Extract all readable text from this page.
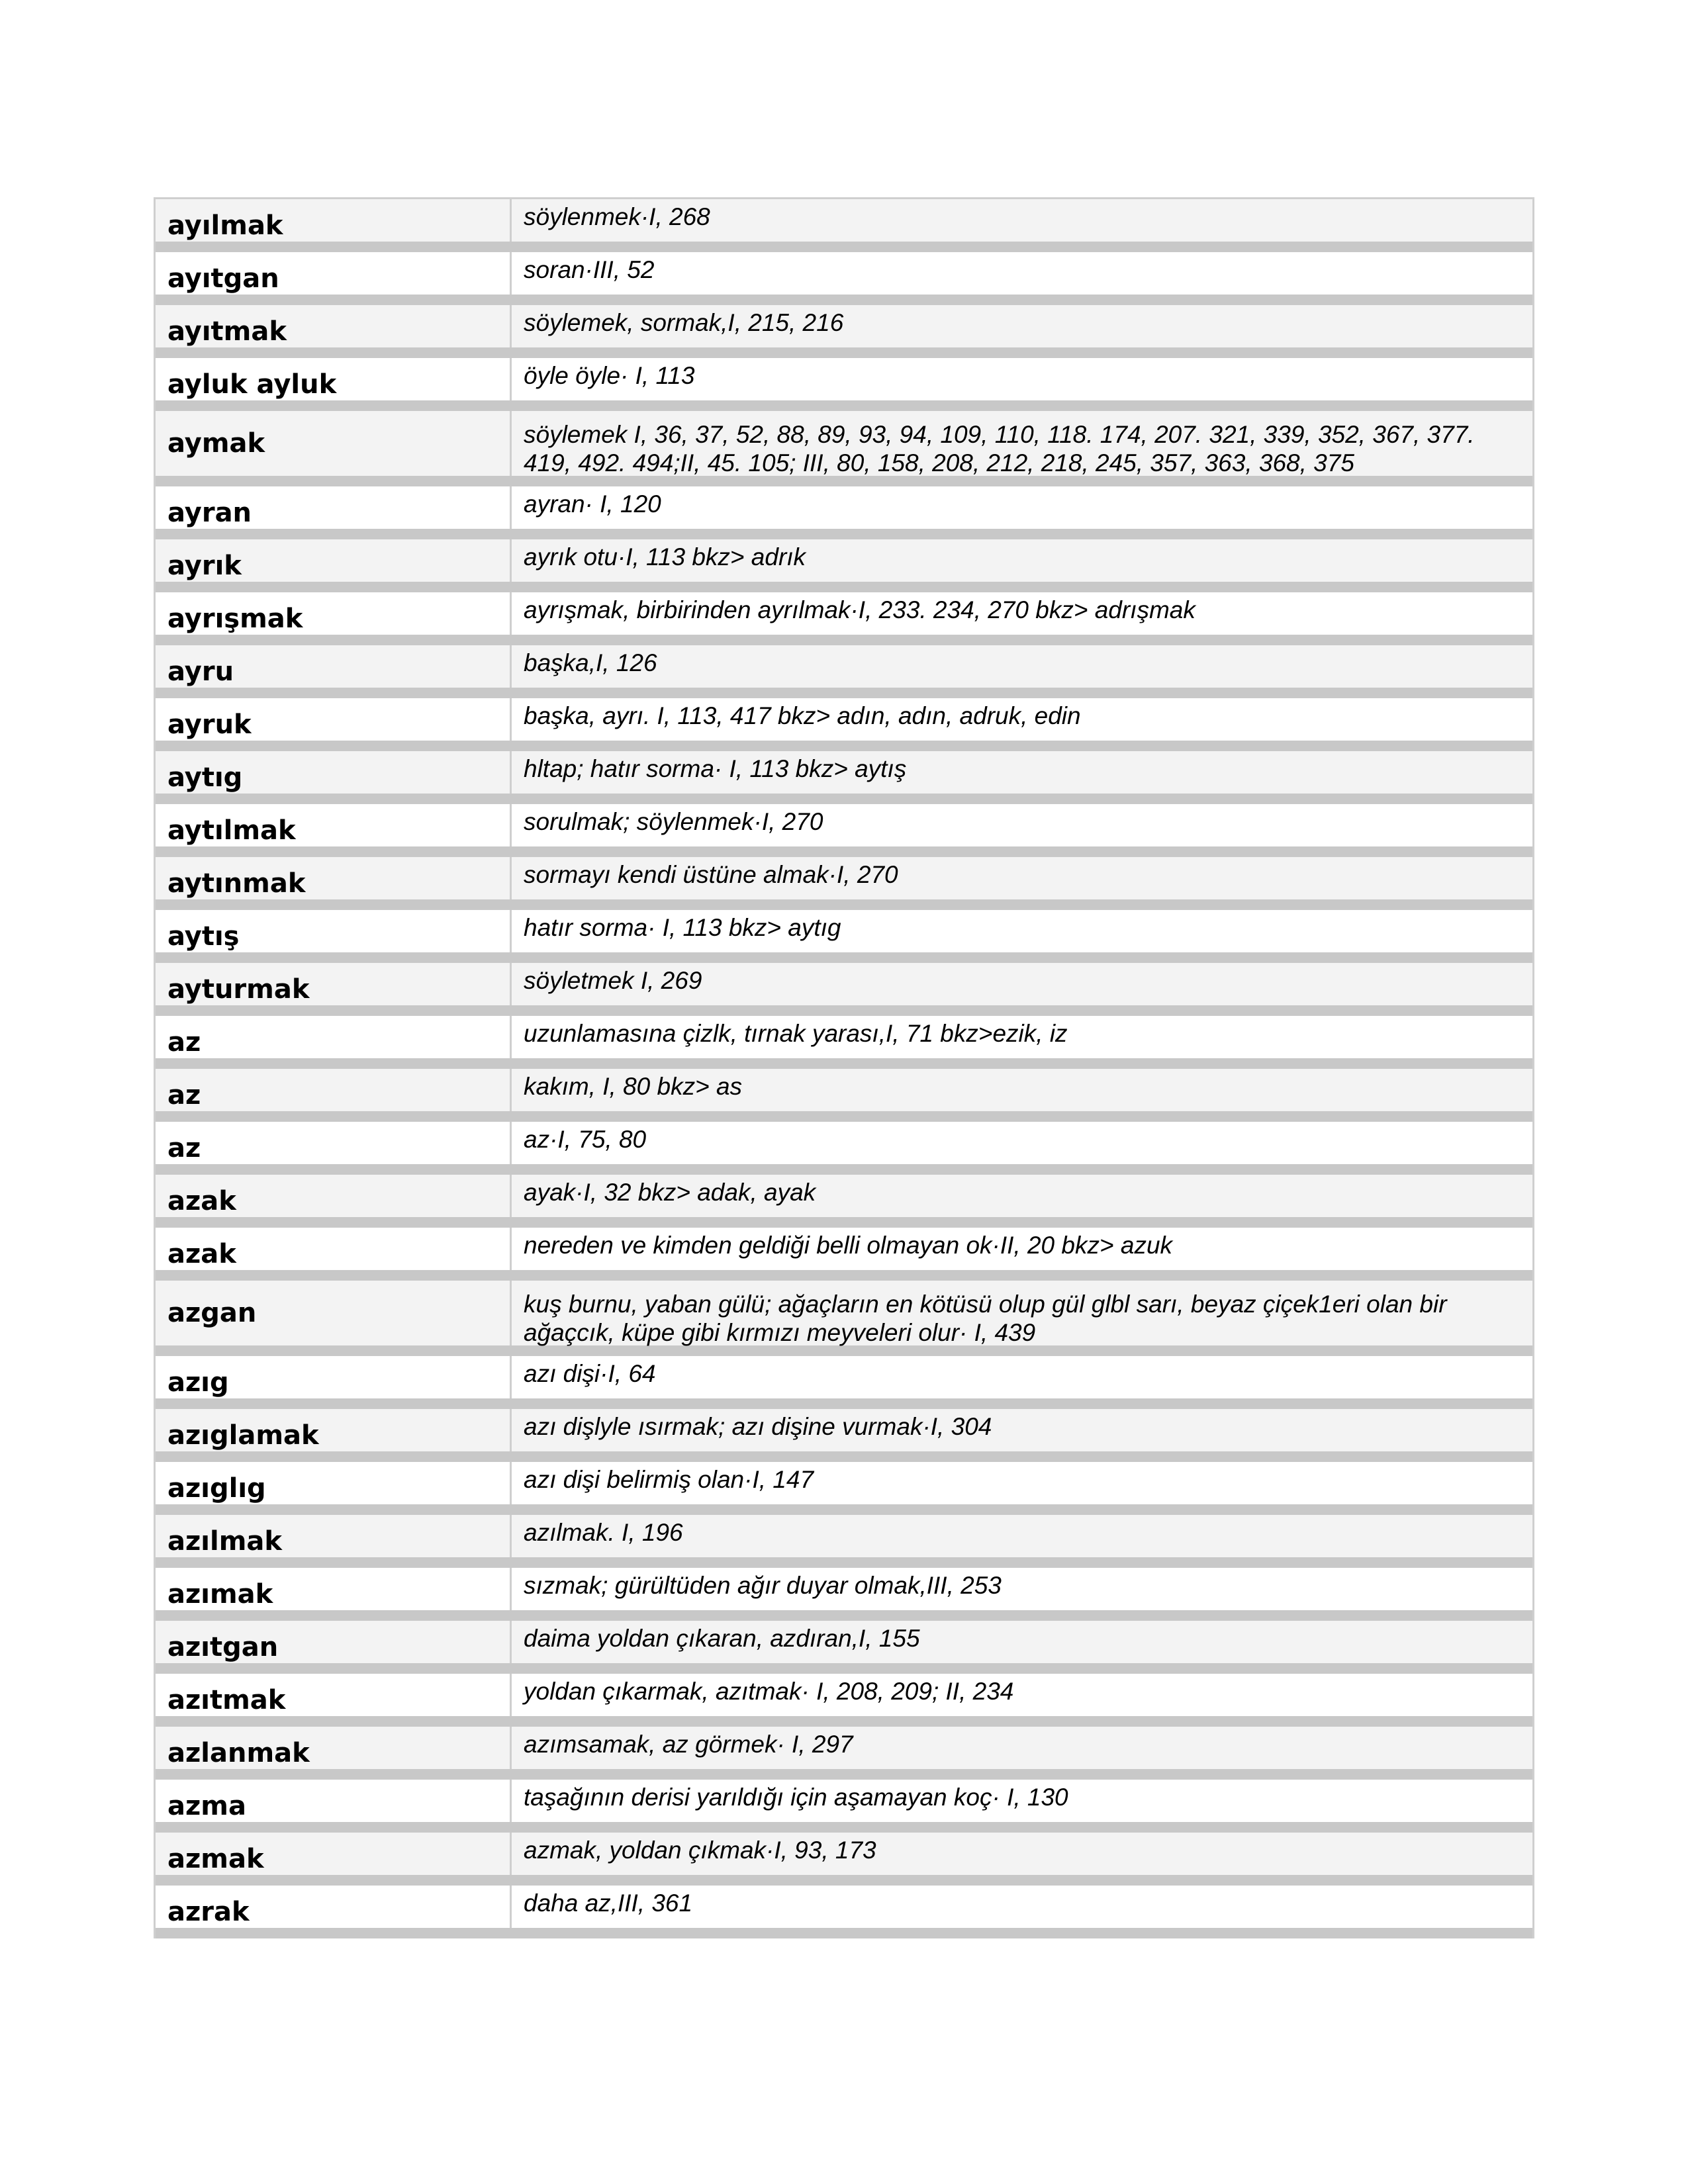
ayılmak	söylenmek·I, 268
ayıtgan	soran·III, 52
ayıtmak	söylemek, sormak,I, 215, 216
ayluk ayluk	öyle öyle· I, 113
aymak	söylemek I, 36, 37, 52, 88, 89, 93, 94, 109, 110, 118. 174, 207. 321, 339, 352, 367, 377. 419, 492. 494;II, 45. 105; III, 80, 158, 208, 212, 218, 245, 357, 363, 368, 375
ayran	ayran· I, 120
ayrık	ayrık otu·I, 113 bkz> adrık
ayrışmak	ayrışmak, birbirinden ayrılmak·I, 233. 234, 270 bkz> adrışmak
ayru	başka,I, 126
ayruk	başka, ayrı. I, 113, 417 bkz> adın, adın, adruk, edin
aytıg	hltap; hatır sorma· I, 113 bkz> aytış
aytılmak	sorulmak; söylenmek·I, 270
aytınmak	sormayı kendi üstüne almak·I, 270
aytış	hatır sorma· I, 113 bkz> aytıg
ayturmak	söyletmek I, 269
az	uzunlamasına çizlk, tırnak yarası,I, 71 bkz>ezik, iz
az	kakım, I, 80 bkz> as
az	az·I, 75, 80
azak	ayak·I, 32 bkz> adak, ayak
azak	nereden ve kimden geldiği belli olmayan ok·II, 20 bkz> azuk
azgan	kuş burnu, yaban gülü; ağaçların en kötüsü olup gül glbl sarı, beyaz çiçek1eri olan bir ağaçcık, küpe gibi kırmızı meyveleri olur· I, 439
azıg	azı dişi·I, 64
azıglamak	azı dişlyle ısırmak; azı dişine vurmak·I, 304
azıglıg	azı dişi belirmiş olan·I, 147
azılmak	azılmak. I, 196
azımak	sızmak; gürültüden ağır duyar olmak,III, 253
azıtgan	daima yoldan çıkaran, azdıran,I, 155
azıtmak	yoldan çıkarmak, azıtmak· I, 208, 209; II, 234
azlanmak	azımsamak, az görmek· I, 297
azma	taşağının derisi yarıldığı için aşamayan koç· I, 130
azmak	azmak, yoldan çıkmak·I, 93, 173
azrak	daha az,III, 361
